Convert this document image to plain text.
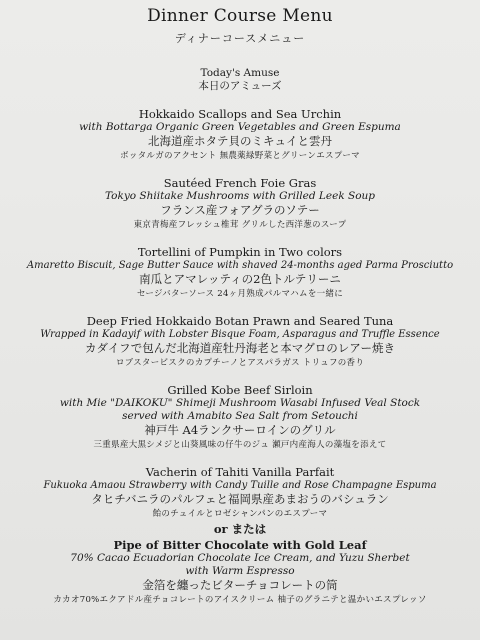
Dinner Course Menu

ディナーコースメニュー

Today's Amuse

本日のアミューズ

Hokkaido Scallops and Sea Urchin

with Bottarga Organic Green Vegetables and Green Espuma

北海道産ホタテ貝のミキュイと雲丹

ボッタルガのアクセント 無農薬緑野菜とグリーンエスプーマ

Sautéed French Foie Gras

Tokyo Shiitake Mushrooms with Grilled Leek Soup

フランス産フォアグラのソテー

東京青梅産フレッシュ椎茸 グリルした西洋葱のスープ

Tortellini of Pumpkin in Two colors

Amaretto Biscuit, Sage Butter Sauce with shaved 24-months aged Parma Prosciutto

南瓜とアマレッティの2色トルテリーニ

セージバターソース 24ヶ月熟成パルマハムを一緒に

Deep Fried Hokkaido Botan Prawn and Seared Tuna

Wrapped in Kadayif with Lobster Bisque Foam, Asparagus and Truffle Essence

カダイフで包んだ北海道産牡丹海老と本マグロのレアー焼き

ロブスタービスクのカプチーノとアスパラガス トリュフの香り

Grilled Kobe Beef Sirloin

with Mie "DAIKOKU" Shimeji Mushroom Wasabi Infused Veal Stock

served with Amabito Sea Salt from Setouchi

神戸牛 A4ランクサーロインのグリル

三重県産大黒シメジと山葵風味の仔牛のジュ 瀬戸内産海人の藻塩を添えて

Vacherin of Tahiti Vanilla Parfait

Fukuoka Amaou Strawberry with Candy Tuille and Rose Champagne Espuma

タヒチバニラのパルフェと福岡県産あまおうのバシュラン

飴のチュイルとロゼシャンパンのエスプーマ

or または

Pipe of Bitter Chocolate with Gold Leaf

70% Cacao Ecuadorian Chocolate Ice Cream, and Yuzu Sherbet

with Warm Espresso

金箔を纏ったビターチョコレートの筒

カカオ70%エクアドル産チョコレートのアイスクリーム 柚子のグラニテと温かいエスプレッソ
